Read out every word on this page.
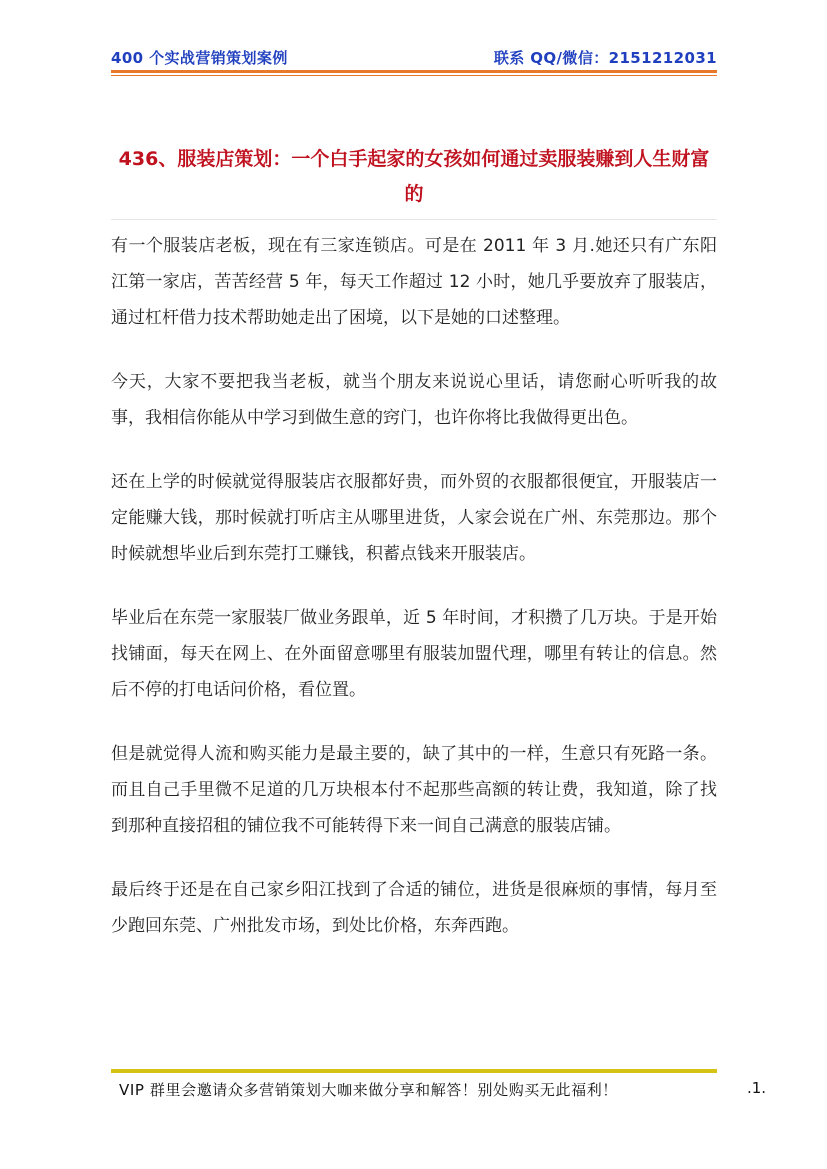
400 个实战营销策划案例	联系 QQ/微信：2151212031
436、服装店策划：一个白手起家的女孩如何通过卖服装赚到人生财富的

有一个服装店老板，现在有三家连锁店。可是在 2011 年 3 月.她还只有广东阳江第一家店，苦苦经营 5 年，每天工作超过 12 小时，她几乎要放弃了服装店，通过杠杆借力技术帮助她走出了困境，以下是她的口述整理。

今天，大家不要把我当老板，就当个朋友来说说心里话，请您耐心听听我的故事，我相信你能从中学习到做生意的窍门，也许你将比我做得更出色。

还在上学的时候就觉得服装店衣服都好贵，而外贸的衣服都很便宜，开服装店一定能赚大钱，那时候就打听店主从哪里进货，人家会说在广州、东莞那边。那个时候就想毕业后到东莞打工赚钱，积蓄点钱来开服装店。

毕业后在东莞一家服装厂做业务跟单，近 5 年时间，才积攒了几万块。于是开始找铺面，每天在网上、在外面留意哪里有服装加盟代理，哪里有转让的信息。然后不停的打电话问价格，看位置。

但是就觉得人流和购买能力是最主要的，缺了其中的一样，生意只有死路一条。而且自己手里微不足道的几万块根本付不起那些高额的转让费，我知道，除了找到那种直接招租的铺位我不可能转得下来一间自己满意的服装店铺。

最后终于还是在自己家乡阳江找到了合适的铺位，进货是很麻烦的事情，每月至少跑回东莞、广州批发市场，到处比价格，东奔西跑。

VIP 群里会邀请众多营销策划大咖来做分享和解答！别处购买无此福利！	.1.
